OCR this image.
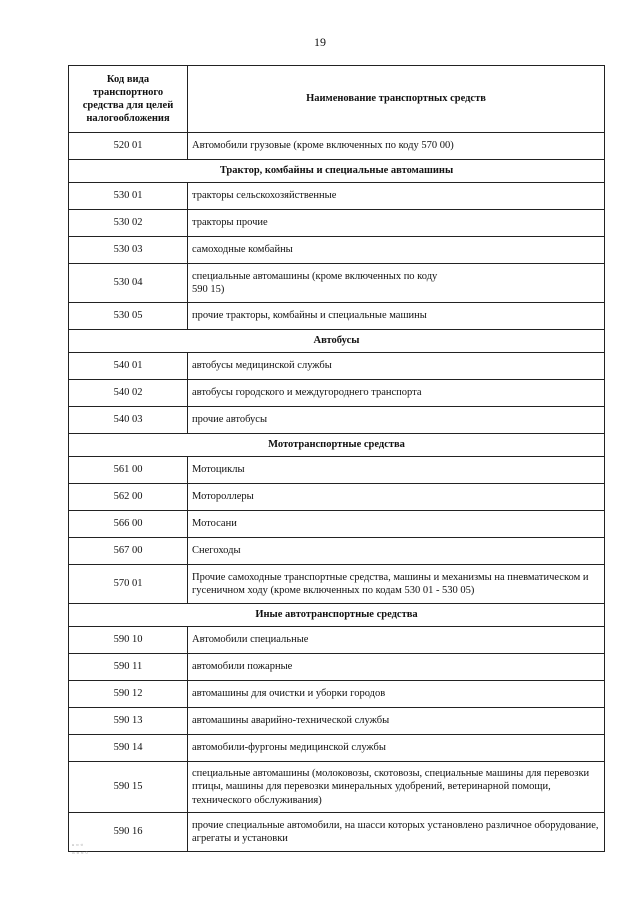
19
Код вида транспортного средства для целей налогообложения	Наименование транспортных средств
520 01	Автомобили грузовые (кроме включенных по коду 570 00)
Трактор, комбайны и специальные автомашины	
530 01	тракторы сельскохозяйственные
530 02	тракторы прочие
530 03	самоходные комбайны
530 04	специальные автомашины (кроме включенных по коду
590 15)
530 05	прочие тракторы, комбайны и специальные машины
Автобусы	
540 01	автобусы медицинской службы
540 02	автобусы городского и междугороднего транспорта
540 03	прочие автобусы
Мототранспортные средства	
561 00	Мотоциклы
562 00	Мотороллеры
566 00	Мотосани
567 00	Снегоходы
570 01	Прочие самоходные транспортные средства, машины и механизмы на пневматическом и гусеничном ходу (кроме включенных по кодам 530 01 - 530 05)
Иные автотранспортные средства	
590 10	Автомобили специальные
590 11	автомобили пожарные
590 12	автомашины для очистки и уборки городов
590 13	автомашины аварийно-технической службы
590 14	автомобили-фургоны медицинской службы
590 15	специальные автомашины (молоковозы, скотовозы, специальные машины для перевозки птицы, машины для перевозки минеральных удобрений, ветеринарной помощи, технического обслуживания)
590 16	прочие специальные автомобили, на шасси которых установлено различное оборудование, агрегаты и установки
▫︎ ▫︎ ▫︎
▫︎ ▫︎ ▫︎ ▫︎
